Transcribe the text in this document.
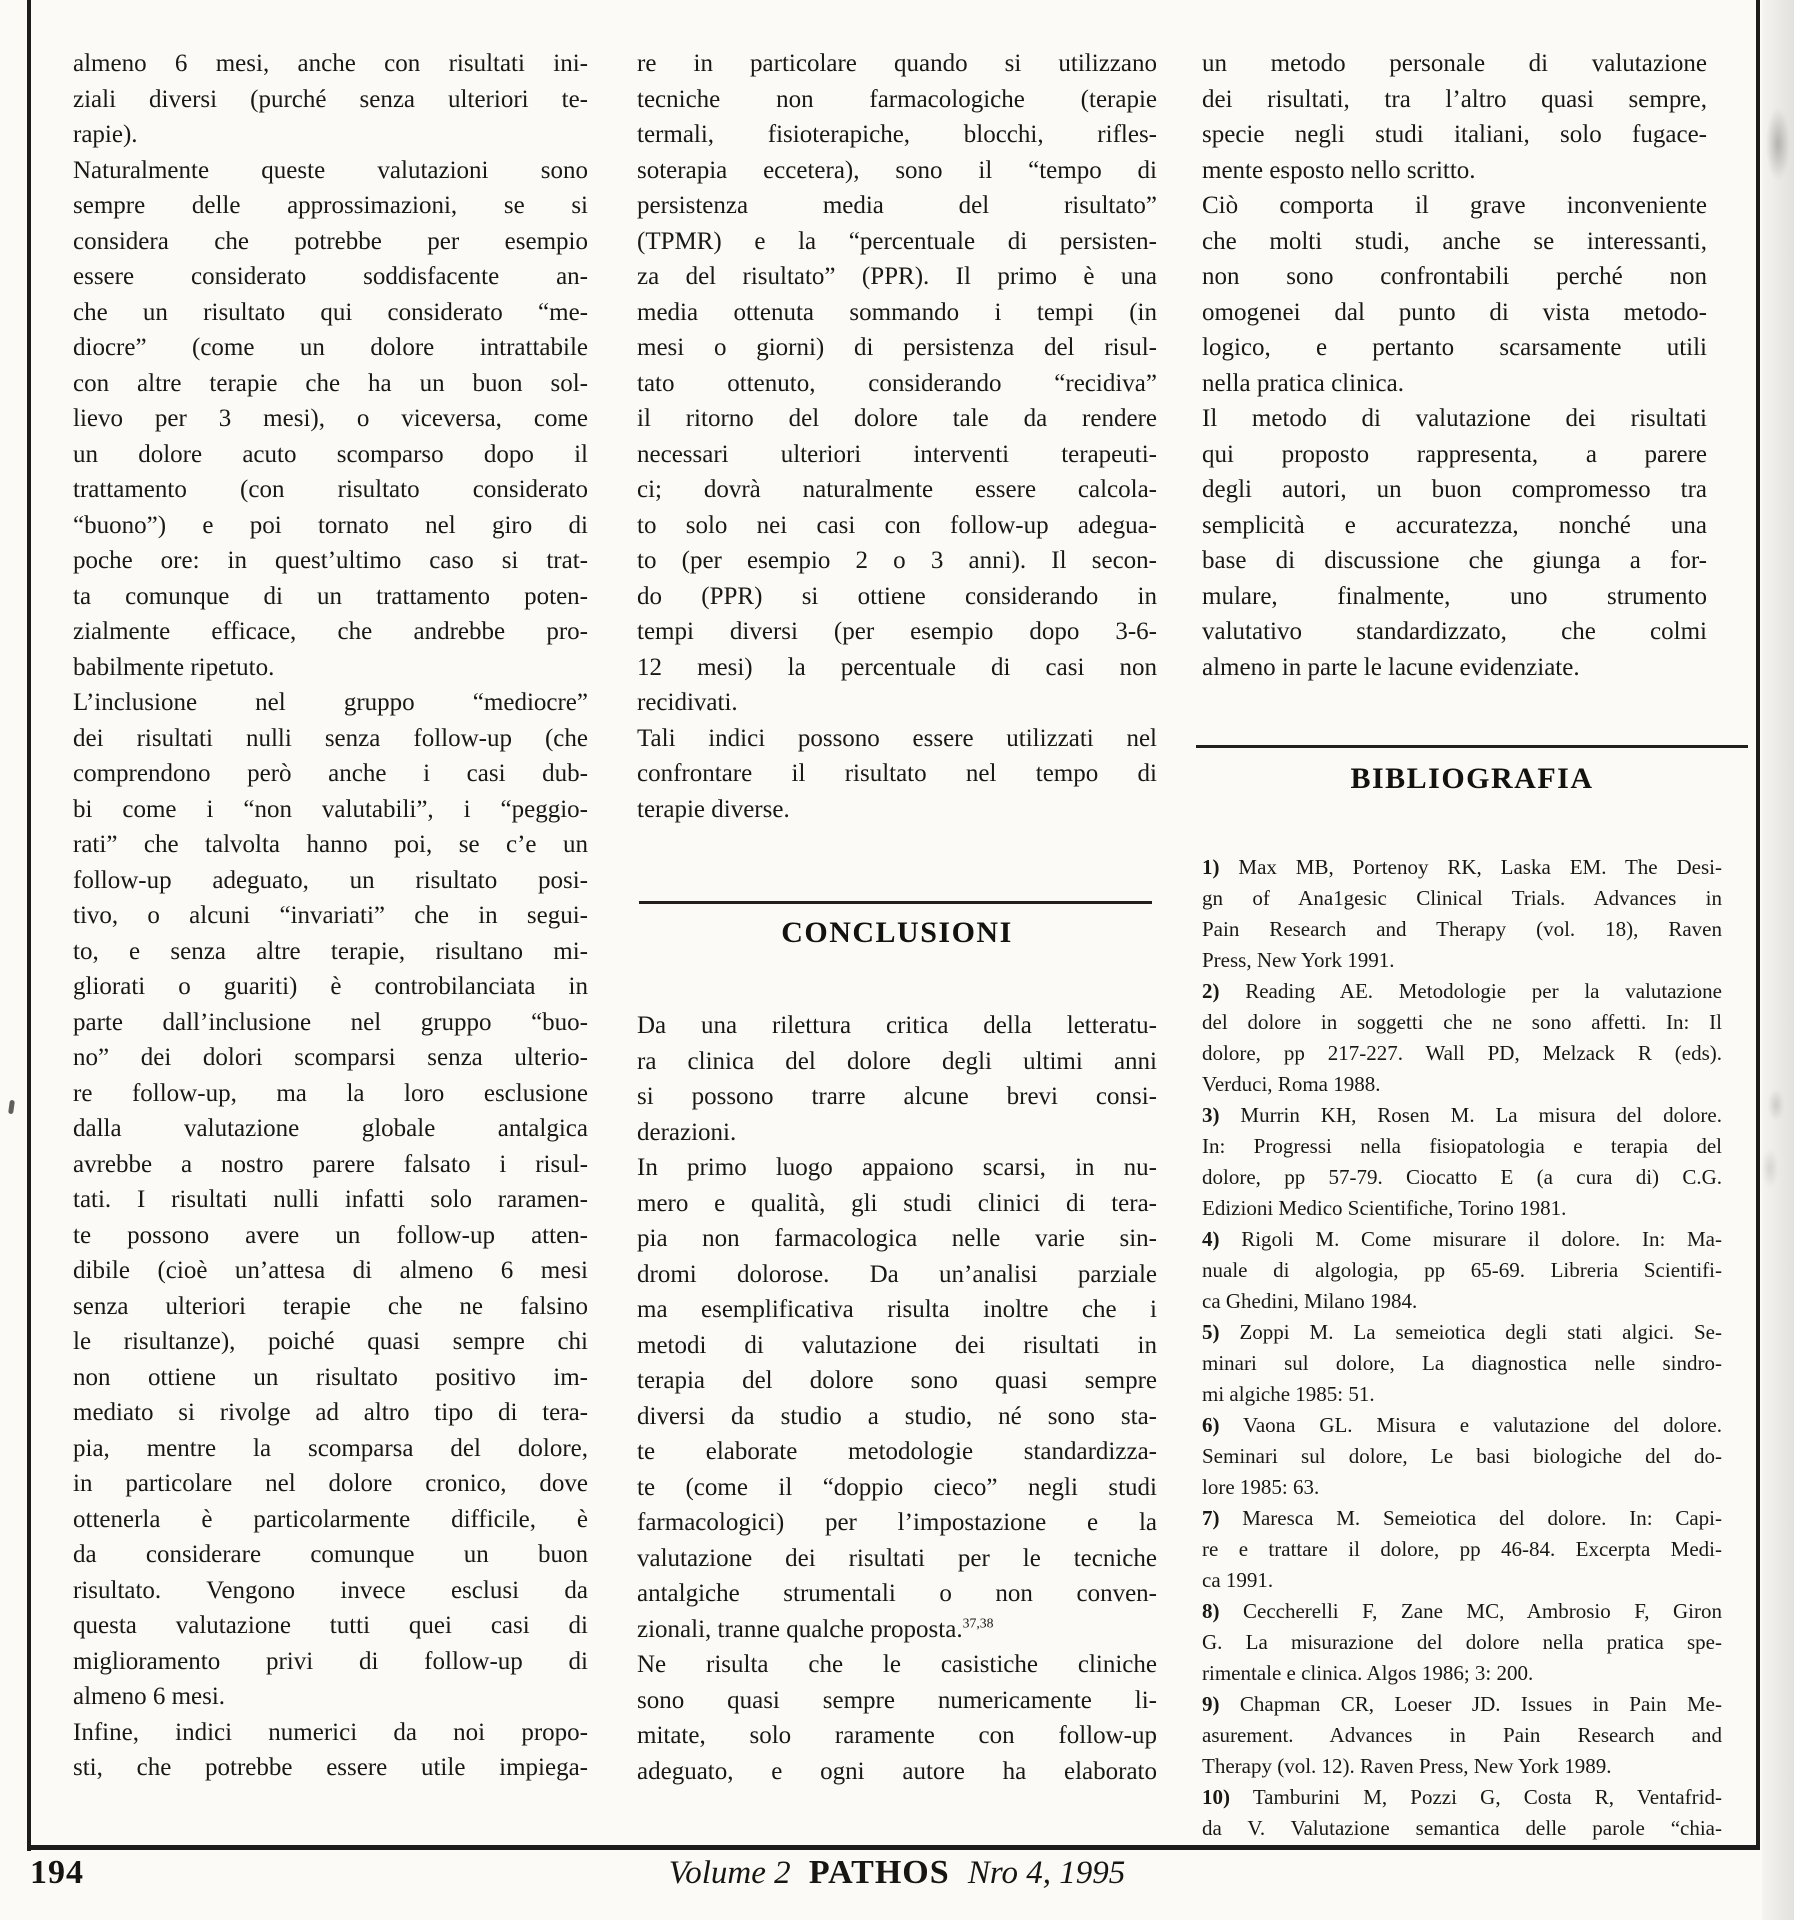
almeno 6 mesi, anche con risultati ini-
ziali diversi (purché senza ulteriori te-
rapie).
Naturalmente queste valutazioni sono
sempre delle approssimazioni, se si
considera che potrebbe per esempio
essere considerato soddisfacente an-
che un risultato qui considerato “me-
diocre” (come un dolore intrattabile
con altre terapie che ha un buon sol-
lievo per 3 mesi), o viceversa, come
un dolore acuto scomparso dopo il
trattamento (con risultato considerato
“buono”) e poi tornato nel giro di
poche ore: in quest’ultimo caso si trat-
ta comunque di un trattamento poten-
zialmente efficace, che andrebbe pro-
babilmente ripetuto.
L’inclusione nel gruppo “mediocre”
dei risultati nulli senza follow-up (che
comprendono però anche i casi dub-
bi come i “non valutabili”, i “peggio-
rati” che talvolta hanno poi, se c’e un
follow-up adeguato, un risultato posi-
tivo, o alcuni “invariati” che in segui-
to, e senza altre terapie, risultano mi-
gliorati o guariti) è controbilanciata in
parte dall’inclusione nel gruppo “buo-
no” dei dolori scomparsi senza ulterio-
re follow-up, ma la loro esclusione
dalla valutazione globale antalgica
avrebbe a nostro parere falsato i risul-
tati. I risultati nulli infatti solo raramen-
te possono avere un follow-up atten-
dibile (cioè un’attesa di almeno 6 mesi
senza ulteriori terapie che ne falsino
le risultanze), poiché quasi sempre chi
non ottiene un risultato positivo im-
mediato si rivolge ad altro tipo di tera-
pia, mentre la scomparsa del dolore,
in particolare nel dolore cronico, dove
ottenerla è particolarmente difficile, è
da considerare comunque un buon
risultato. Vengono invece esclusi da
questa valutazione tutti quei casi di
miglioramento privi di follow-up di
almeno 6 mesi.
Infine, indici numerici da noi propo-
sti, che potrebbe essere utile impiega-
re in particolare quando si utilizzano
tecniche non farmacologiche (terapie
termali, fisioterapiche, blocchi, rifles-
soterapia eccetera), sono il “tempo di
persistenza media del risultato”
(TPMR) e la “percentuale di persisten-
za del risultato” (PPR). Il primo è una
media ottenuta sommando i tempi (in
mesi o giorni) di persistenza del risul-
tato ottenuto, considerando “recidiva”
il ritorno del dolore tale da rendere
necessari ulteriori interventi terapeuti-
ci; dovrà naturalmente essere calcola-
to solo nei casi con follow-up adegua-
to (per esempio 2 o 3 anni). Il secon-
do (PPR) si ottiene considerando in
tempi diversi (per esempio dopo 3-6-
12 mesi) la percentuale di casi non
recidivati.
Tali indici possono essere utilizzati nel
confrontare il risultato nel tempo di
terapie diverse.
CONCLUSIONI
Da una rilettura critica della letteratu-
ra clinica del dolore degli ultimi anni
si possono trarre alcune brevi consi-
derazioni.
In primo luogo appaiono scarsi, in nu-
mero e qualità, gli studi clinici di tera-
pia non farmacologica nelle varie sin-
dromi dolorose. Da un’analisi parziale
ma esemplificativa risulta inoltre che i
metodi di valutazione dei risultati in
terapia del dolore sono quasi sempre
diversi da studio a studio, né sono sta-
te elaborate metodologie standardizza-
te (come il “doppio cieco” negli studi
farmacologici) per l’impostazione e la
valutazione dei risultati per le tecniche
antalgiche strumentali o non conven-
zionali, tranne qualche proposta.$^{37,38}$
Ne risulta che le casistiche cliniche
sono quasi sempre numericamente li-
mitate, solo raramente con follow-up
adeguato, e ogni autore ha elaborato
un metodo personale di valutazione
dei risultati, tra l’altro quasi sempre,
specie negli studi italiani, solo fugace-
mente esposto nello scritto.
Ciò comporta il grave inconveniente
che molti studi, anche se interessanti,
non sono confrontabili perché non
omogenei dal punto di vista metodo-
logico, e pertanto scarsamente utili
nella pratica clinica.
Il metodo di valutazione dei risultati
qui proposto rappresenta, a parere
degli autori, un buon compromesso tra
semplicità e accuratezza, nonché una
base di discussione che giunga a for-
mulare, finalmente, uno strumento
valutativo standardizzato, che colmi
almeno in parte le lacune evidenziate.
BIBLIOGRAFIA
1) Max MB, Portenoy RK, Laska EM. The Desi-
gn of Ana1gesic Clinical Trials. Advances in
Pain Research and Therapy (vol. 18), Raven
Press, New York 1991.
2) Reading AE. Metodologie per la valutazione
del dolore in soggetti che ne sono affetti. In: Il
dolore, pp 217-227. Wall PD, Melzack R (eds).
Verduci, Roma 1988.
3) Murrin KH, Rosen M. La misura del dolore.
In: Progressi nella fisiopatologia e terapia del
dolore, pp 57-79. Ciocatto E (a cura di) C.G.
Edizioni Medico Scientifiche, Torino 1981.
4) Rigoli M. Come misurare il dolore. In: Ma-
nuale di algologia, pp 65-69. Libreria Scientifi-
ca Ghedini, Milano 1984.
5) Zoppi M. La semeiotica degli stati algici. Se-
minari sul dolore, La diagnostica nelle sindro-
mi algiche 1985: 51.
6) Vaona GL. Misura e valutazione del dolore.
Seminari sul dolore, Le basi biologiche del do-
lore 1985: 63.
7) Maresca M. Semeiotica del dolore. In: Capi-
re e trattare il dolore, pp 46-84. Excerpta Medi-
ca 1991.
8) Ceccherelli F, Zane MC, Ambrosio F, Giron
G. La misurazione del dolore nella pratica spe-
rimentale e clinica. Algos 1986; 3: 200.
9) Chapman CR, Loeser JD. Issues in Pain Me-
asurement. Advances in Pain Research and
Therapy (vol. 12). Raven Press, New York 1989.
10) Tamburini M, Pozzi G, Costa R, Ventafrid-
da V. Valutazione semantica delle parole “chia-
194	Volume 2 PATHOS Nro 4, 1995
